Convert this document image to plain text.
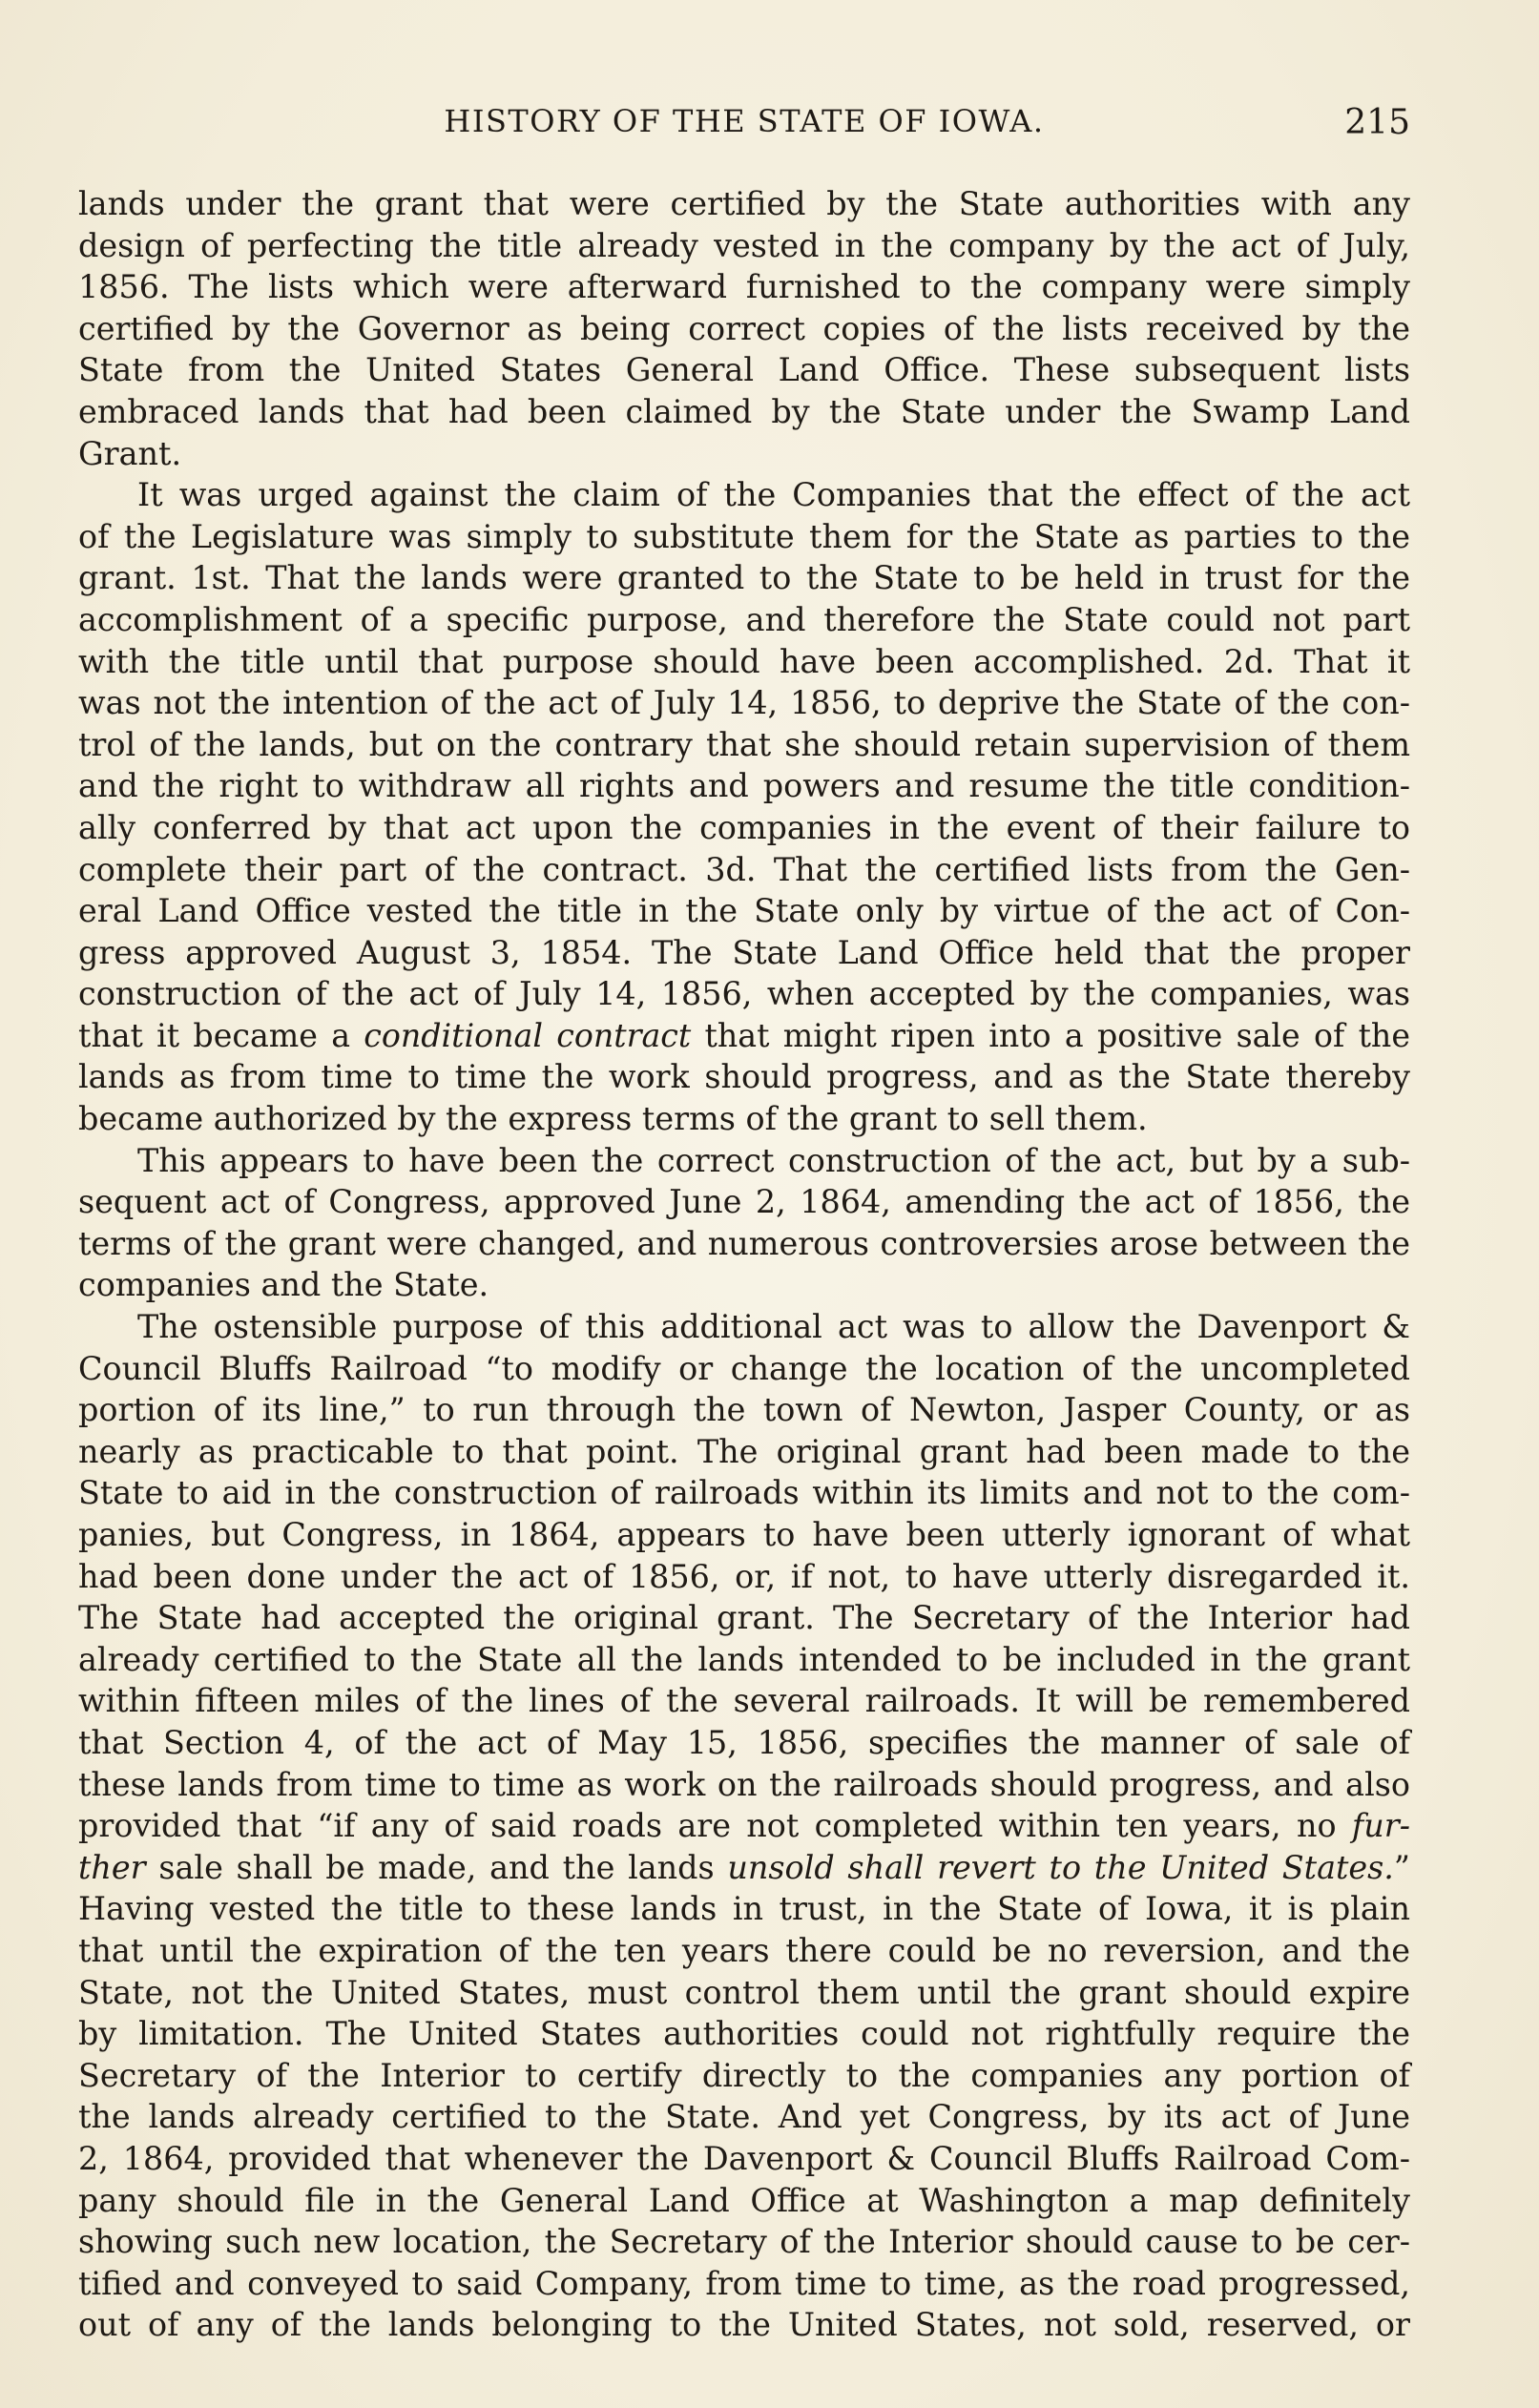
HISTORY OF THE STATE OF IOWA.	215
lands under the grant that were certified by the State authorities with any
design of perfecting the title already vested in the company by the act of July,
1856. The lists which were afterward furnished to the company were simply
certified by the Governor as being correct copies of the lists received by the
State from the United States General Land Office. These subsequent lists
embraced lands that had been claimed by the State under the Swamp Land
Grant.
It was urged against the claim of the Companies that the effect of the act
of the Legislature was simply to substitute them for the State as parties to the
grant. 1st. That the lands were granted to the State to be held in trust for the
accomplishment of a specific purpose, and therefore the State could not part
with the title until that purpose should have been accomplished. 2d. That it
was not the intention of the act of July 14, 1856, to deprive the State of the con-
trol of the lands, but on the contrary that she should retain supervision of them
and the right to withdraw all rights and powers and resume the title condition-
ally conferred by that act upon the companies in the event of their failure to
complete their part of the contract. 3d. That the certified lists from the Gen-
eral Land Office vested the title in the State only by virtue of the act of Con-
gress approved August 3, 1854. The State Land Office held that the proper
construction of the act of July 14, 1856, when accepted by the companies, was
that it became a conditional contract that might ripen into a positive sale of the
lands as from time to time the work should progress, and as the State thereby
became authorized by the express terms of the grant to sell them.
This appears to have been the correct construction of the act, but by a sub-
sequent act of Congress, approved June 2, 1864, amending the act of 1856, the
terms of the grant were changed, and numerous controversies arose between the
companies and the State.
The ostensible purpose of this additional act was to allow the Davenport &
Council Bluffs Railroad “to modify or change the location of the uncompleted
portion of its line,” to run through the town of Newton, Jasper County, or as
nearly as practicable to that point. The original grant had been made to the
State to aid in the construction of railroads within its limits and not to the com-
panies, but Congress, in 1864, appears to have been utterly ignorant of what
had been done under the act of 1856, or, if not, to have utterly disregarded it.
The State had accepted the original grant. The Secretary of the Interior had
already certified to the State all the lands intended to be included in the grant
within fifteen miles of the lines of the several railroads. It will be remembered
that Section 4, of the act of May 15, 1856, specifies the manner of sale of
these lands from time to time as work on the railroads should progress, and also
provided that “if any of said roads are not completed within ten years, no fur-
ther sale shall be made, and the lands unsold shall revert to the United States.”
Having vested the title to these lands in trust, in the State of Iowa, it is plain
that until the expiration of the ten years there could be no reversion, and the
State, not the United States, must control them until the grant should expire
by limitation. The United States authorities could not rightfully require the
Secretary of the Interior to certify directly to the companies any portion of
the lands already certified to the State. And yet Congress, by its act of June
2, 1864, provided that whenever the Davenport & Council Bluffs Railroad Com-
pany should file in the General Land Office at Washington a map definitely
showing such new location, the Secretary of the Interior should cause to be cer-
tified and conveyed to said Company, from time to time, as the road progressed,
out of any of the lands belonging to the United States, not sold, reserved, or
